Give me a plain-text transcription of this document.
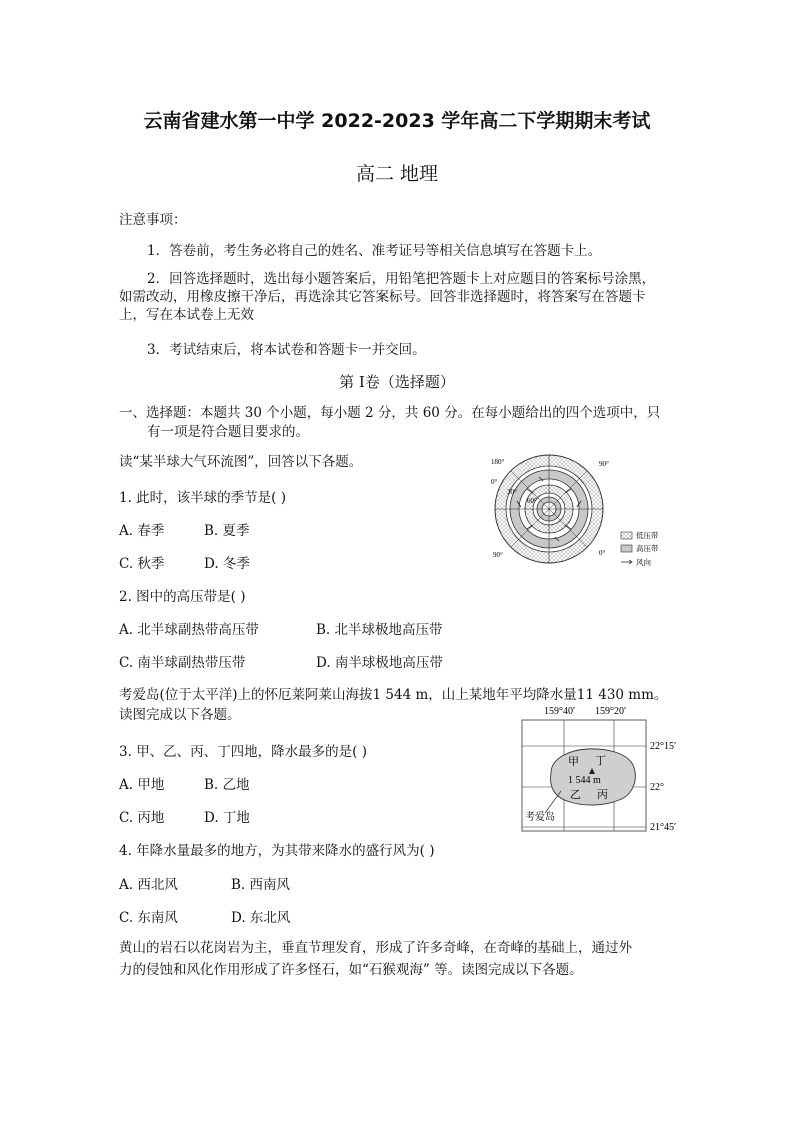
云南省建水第一中学 2022-2023 学年高二下学期期末考试
高二 地理
注意事项：
1．答卷前，考生务必将自己的姓名、准考证号等相关信息填写在答题卡上。
2．回答选择题时，选出每小题答案后，用铅笔把答题卡上对应题目的答案标号涂黑，
如需改动，用橡皮擦干净后，再选涂其它答案标号。回答非选择题时，将答案写在答题卡
上，写在本试卷上无效
3．考试结束后，将本试卷和答题卡一并交回。
第 Ⅰ卷（选择题）
一、选择题：本题共 30 个小题，每小题 2 分，共 60 分。在每小题给出的四个选项中，只
有一项是符合题目要求的。
读“某半球大气环流图”，回答以下各题。
1. 此时，该半球的季节是( )
A. 春季	B. 夏季
C. 秋季	D. 冬季
2. 图中的高压带是( )
A. 北半球副热带高压带	B. 北半球极地高压带
C. 南半球副热带压带	D. 南半球极地高压带
180°	90°
0°
30°
60°
90°	0°
低压带
高压带
风向
考爱岛(位于太平洋)上的怀厄莱阿莱山海拔1 544 m，山上某地年平均降水量11 430 mm。
读图完成以下各题。
3. 甲、乙、丙、丁四地，降水最多的是( )
A. 甲地	B. 乙地
C. 丙地	D. 丁地
4. 年降水量最多的地方，为其带来降水的盛行风为( )
A. 西北风	B. 西南风
C. 东南风	D. 东北风
159°40′ 159°20′
甲 丁
1 544 m
乙 丙
考爱岛
22°15′
22°
21°45′
黄山的岩石以花岗岩为主，垂直节理发育，形成了许多奇峰，在奇峰的基础上，通过外
力的侵蚀和风化作用形成了许多怪石，如“石猴观海” 等。读图完成以下各题。
